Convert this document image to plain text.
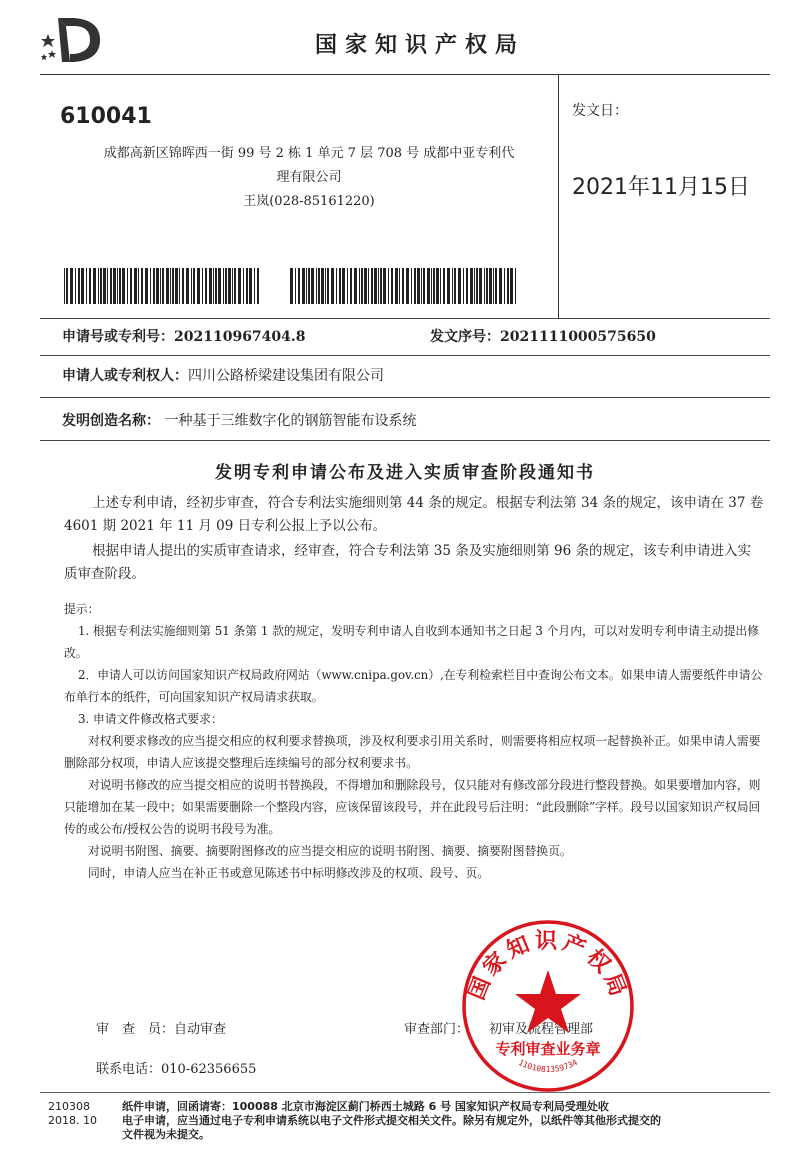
国家知识产权局
610041
成都高新区锦晖西一街 99 号 2 栋 1 单元 7 层 708 号 成都中亚专利代
理有限公司
王岚(028-85161220)
发文日：
2021年11月15日
申请号或专利号：202110967404.8	发文序号：2021111000575650
申请人或专利权人：四川公路桥梁建设集团有限公司
发明创造名称： 一种基于三维数字化的钢筋智能布设系统
发明专利申请公布及进入实质审查阶段通知书
上述专利申请，经初步审查，符合专利法实施细则第 44 条的规定。根据专利法第 34 条的规定，该申请在 37 卷 4601 期 2021 年 11 月 09 日专利公报上予以公布。
根据申请人提出的实质审查请求，经审查，符合专利法第 35 条及实施细则第 96 条的规定，该专利申请进入实质审查阶段。

提示：

1. 根据专利法实施细则第 51 条第 1 款的规定，发明专利申请人自收到本通知书之日起 3 个月内，可以对发明专利申请主动提出修改。

2．申请人可以访问国家知识产权局政府网站（www.cnipa.gov.cn）,在专利检索栏目中查询公布文本。如果申请人需要纸件申请公布单行本的纸件，可向国家知识产权局请求获取。

3. 申请文件修改格式要求：

对权利要求修改的应当提交相应的权利要求替换项，涉及权利要求引用关系时，则需要将相应权项一起替换补正。如果申请人需要删除部分权项，申请人应该提交整理后连续编号的部分权利要求书。

对说明书修改的应当提交相应的说明书替换段，不得增加和删除段号，仅只能对有修改部分段进行整段替换。如果要增加内容，则只能增加在某一段中；如果需要删除一个整段内容，应该保留该段号，并在此段号后注明：“此段删除”字样。段号以国家知识产权局回传的或公布/授权公告的说明书段号为准。

对说明书附图、摘要、摘要附图修改的应当提交相应的说明书附图、摘要、摘要附图替换页。

同时，申请人应当在补正书或意见陈述书中标明修改涉及的权项、段号、页。

审　查　员：自动审查	审查部门： 初审及流程管理部
联系电话：010-62356655
国家知识产权局
专利审查业务章
1101081359734
210308
2018. 10
纸件申请，回函请寄：100088 北京市海淀区蓟门桥西土城路 6 号 国家知识产权局专利局受理处收
电子申请，应当通过电子专利申请系统以电子文件形式提交相关文件。除另有规定外，以纸件等其他形式提交的
文件视为未提交。
